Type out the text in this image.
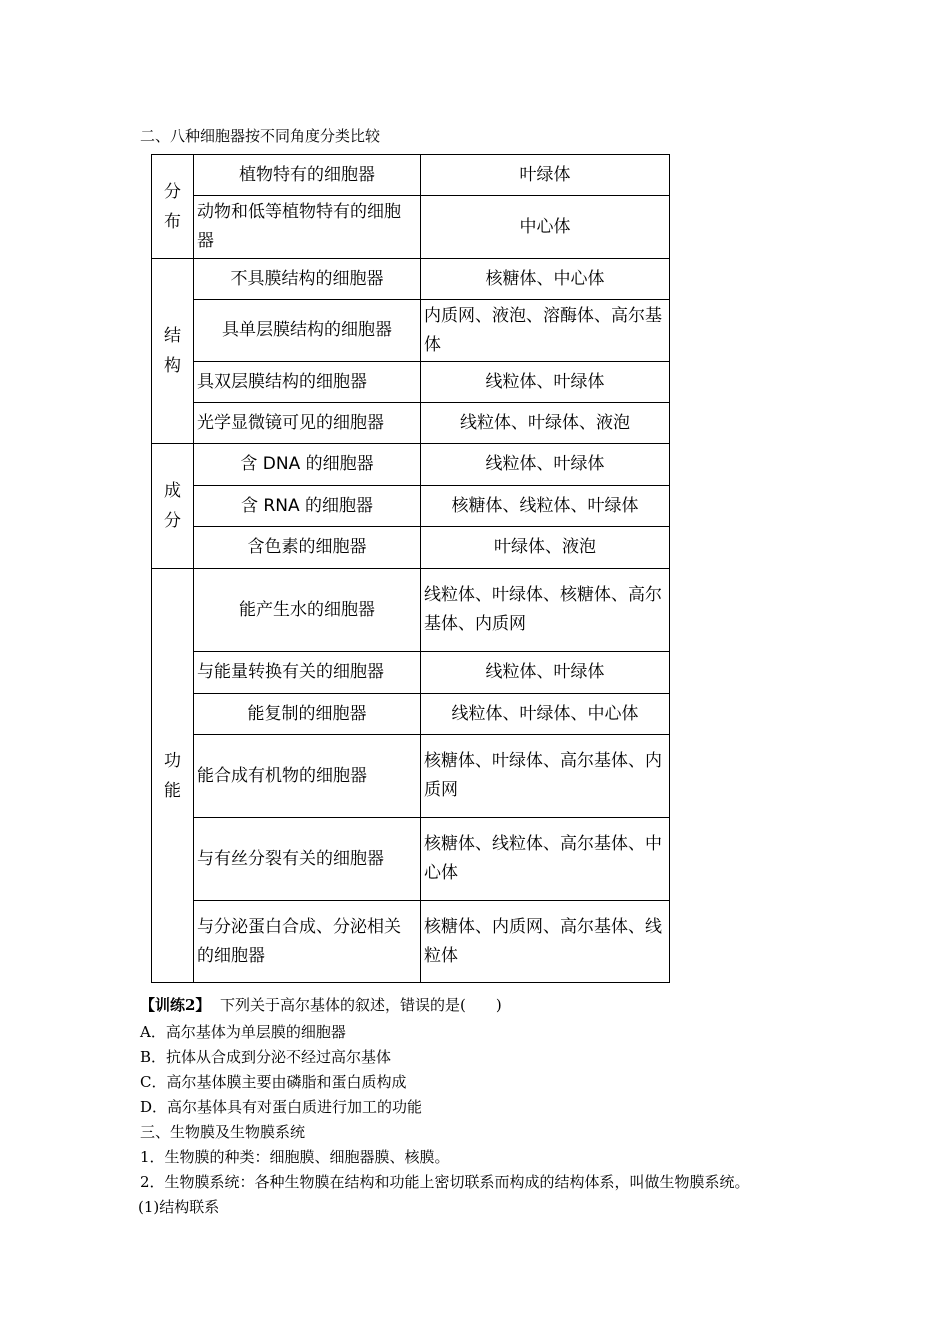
二、八种细胞器按不同角度分类比较
分布	植物特有的细胞器	叶绿体
	动物和低等植物特有的细胞器	中心体

结构	不具膜结构的细胞器	核糖体、中心体
	具单层膜结构的细胞器	内质网、液泡、溶酶体、高尔基体
	具双层膜结构的细胞器	线粒体、叶绿体
	光学显微镜可见的细胞器	线粒体、叶绿体、液泡

成分	含 DNA 的细胞器	线粒体、叶绿体
	含 RNA 的细胞器	核糖体、线粒体、叶绿体
	含色素的细胞器	叶绿体、液泡

功能	能产生水的细胞器	线粒体、叶绿体、核糖体、高尔基体、内质网
	与能量转换有关的细胞器	线粒体、叶绿体
	能复制的细胞器	线粒体、叶绿体、中心体
	能合成有机物的细胞器	核糖体、叶绿体、高尔基体、内质网
	与有丝分裂有关的细胞器	核糖体、线粒体、高尔基体、中心体
	与分泌蛋白合成、分泌相关的细胞器	核糖体、内质网、高尔基体、线粒体
【训练2】 下列关于高尔基体的叙述，错误的是(　　)
A．高尔基体为单层膜的细胞器
B．抗体从合成到分泌不经过高尔基体
C．高尔基体膜主要由磷脂和蛋白质构成
D．高尔基体具有对蛋白质进行加工的功能
三、生物膜及生物膜系统
1．生物膜的种类：细胞膜、细胞器膜、核膜。
2．生物膜系统：各种生物膜在结构和功能上密切联系而构成的结构体系，叫做生物膜系统。
(1)结构联系
